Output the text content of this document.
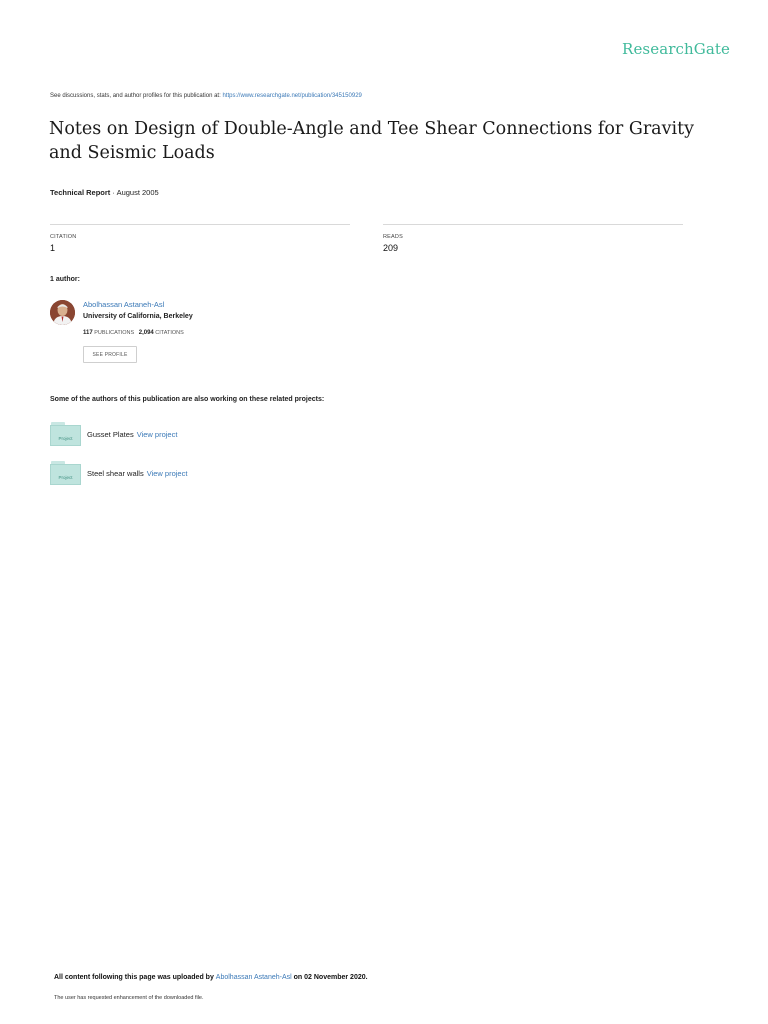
ResearchGate
See discussions, stats, and author profiles for this publication at: https://www.researchgate.net/publication/345150929
Notes on Design of Double-Angle and Tee Shear Connections for Gravity and Seismic Loads
Technical Report · August 2005
CITATION
1
READS
209
1 author:
Abolhassan Astaneh-Asl
University of California, Berkeley
117 PUBLICATIONS 2,094 CITATIONS
SEE PROFILE
Some of the authors of this publication are also working on these related projects:
Project	Gusset Plates View project
Project	Steel shear walls View project
All content following this page was uploaded by Abolhassan Astaneh-Asl on 02 November 2020.
The user has requested enhancement of the downloaded file.
